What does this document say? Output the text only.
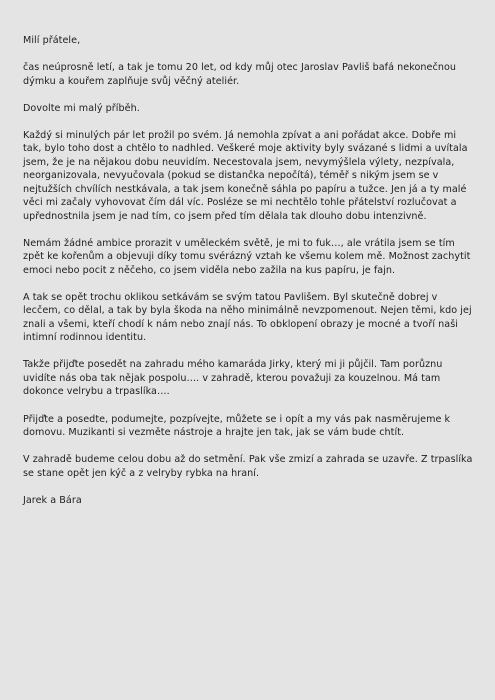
Milí přátele,

čas neúprosně letí, a tak je tomu 20 let, od kdy můj otec Jaroslav Pavliš bafá nekonečnou dýmku a kouřem zaplňuje svůj věčný ateliér.

Dovolte mi malý příběh.

Každý si minulých pár let prožil po svém. Já nemohla zpívat a ani pořádat akce. Dobře mi tak, bylo toho dost a chtělo to nadhled. Veškeré moje aktivity byly svázané s lidmi a uvítala jsem, že je na nějakou dobu neuvidím. Necestovala jsem, nevymýšlela výlety, nezpívala, neorganizovala, nevyučovala (pokud se distančka nepočítá), téměř s nikým jsem se v nejtužších chvílích nestkávala, a tak jsem konečně sáhla po papíru a tužce. Jen já a ty malé věci mi začaly vyhovovat čím dál víc. Posléze se mi nechtělo tohle přátelství rozlučovat a upřednostnila jsem je nad tím, co jsem před tím dělala tak dlouho dobu intenzivně.

Nemám žádné ambice prorazit v uměleckém světě, je mi to fuk…, ale vrátila jsem se tím zpět ke kořenům a objevuji díky tomu svérázný vztah ke všemu kolem mě. Možnost zachytit emoci nebo pocit z něčeho, co jsem viděla nebo zažila na kus papíru, je fajn.

A tak se opět trochu oklikou setkávám se svým tatou Pavlišem. Byl skutečně dobrej v lecčem, co dělal, a tak by byla škoda na něho minimálně nevzpomenout. Nejen těmi, kdo jej znali a všemi, kteří chodí k nám nebo znají nás. To obklopení obrazy je mocné a tvoří naši intimní rodinnou identitu.

Takže přijďte posedět na zahradu mého kamaráda Jirky, který mi ji půjčil. Tam porůznu uvidíte nás oba tak nějak pospolu…. v zahradě, kterou považuji za kouzelnou. Má tam dokonce velrybu a trpaslíka….

Přijďte a posedte, podumejte, pozpívejte, můžete se i opít a my vás pak nasměrujeme k domovu. Muzikanti si vezměte nástroje a hrajte jen tak, jak se vám bude chtít.

V zahradě budeme celou dobu až do setmění. Pak vše zmizí a zahrada se uzavře. Z trpaslíka se stane opět jen kýč a z velryby rybka na hraní.

Jarek a Bára
